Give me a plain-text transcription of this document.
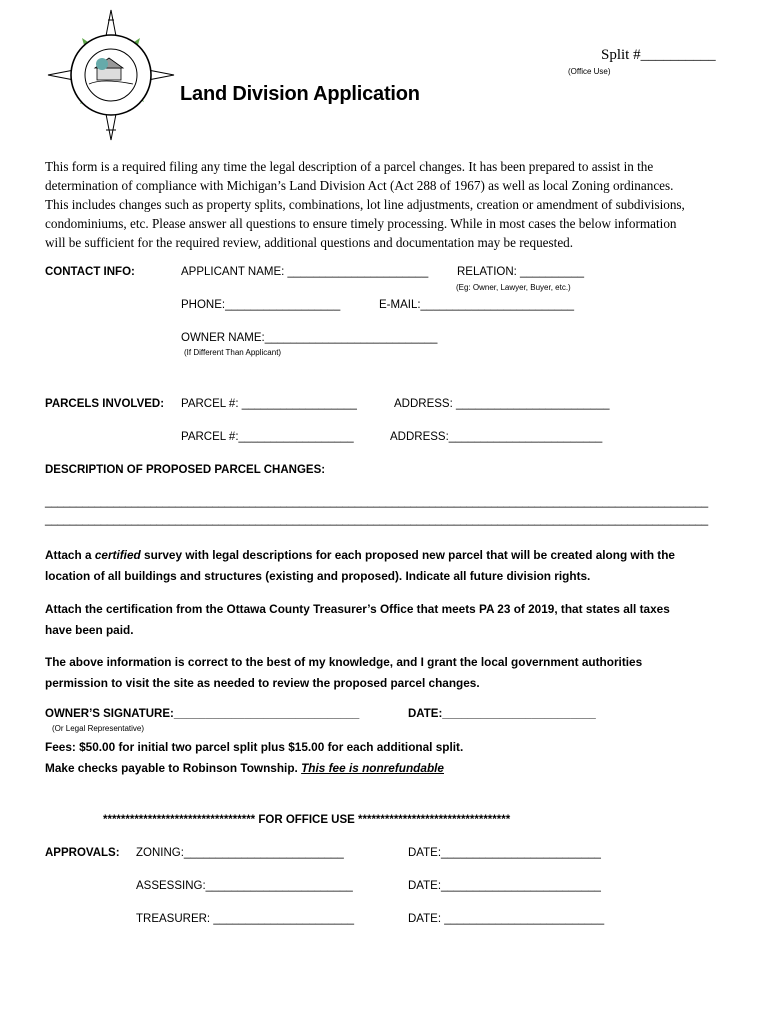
Split #__________
(Office Use)
Land Division Application
This form is a required filing any time the legal description of a parcel changes. It has been prepared to assist in the
determination of compliance with Michigan’s Land Division Act (Act 288 of 1967) as well as local Zoning ordinances.
This includes changes such as property splits, combinations, lot line adjustments, creation or amendment of subdivisions,
condominiums, etc. Please answer all questions to ensure timely processing. While in most cases the below information
will be sufficient for the required review, additional questions and documentation may be requested.
CONTACT INFO:	APPLICANT NAME: ______________________	RELATION: __________
(Eg: Owner, Lawyer, Buyer, etc.)
PHONE:__________________	E-MAIL:________________________
OWNER NAME:___________________________
(If Different Than Applicant)
PARCELS INVOLVED: PARCEL #: __________________	ADDRESS: ________________________
PARCEL #:__________________	ADDRESS:________________________
DESCRIPTION OF PROPOSED PARCEL CHANGES:
___________________________________________________________________________________________________________
___________________________________________________________________________________________________________
Attach a certified survey with legal descriptions for each proposed new parcel that will be created along with the
location of all buildings and structures (existing and proposed). Indicate all future division rights.
Attach the certification from the Ottawa County Treasurer’s Office that meets PA 23 of 2019, that states all taxes
have been paid.
The above information is correct to the best of my knowledge, and I grant the local government authorities
permission to visit the site as needed to review the proposed parcel changes.
OWNER’S SIGNATURE:_____________________________
(Or Legal Representative)
DATE:________________________
Fees: $50.00 for initial two parcel split plus $15.00 for each additional split.
Make checks payable to Robinson Township. This fee is nonrefundable
********************************** FOR OFFICE USE **********************************
APPROVALS: ZONING:_________________________	DATE:_________________________
ASSESSING:_______________________	DATE:_________________________
TREASURER: ______________________	DATE: _________________________
